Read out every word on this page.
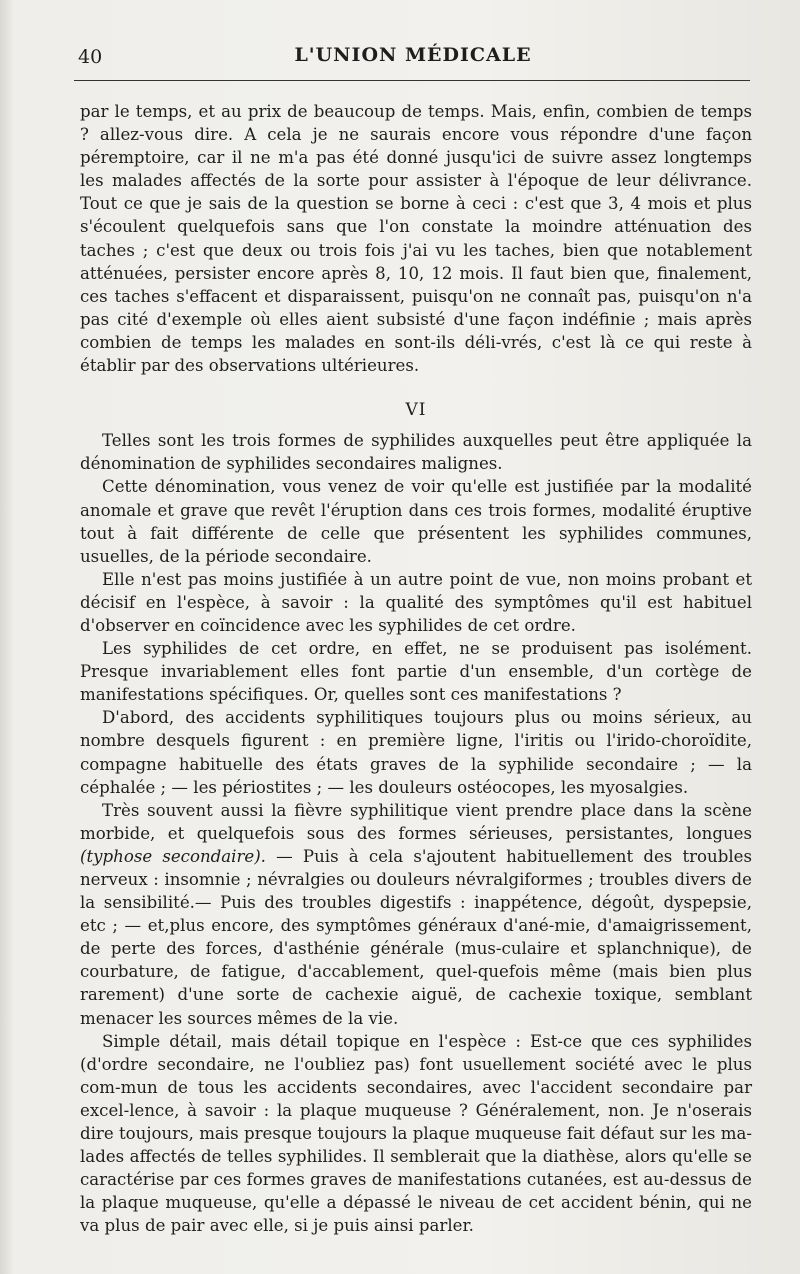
40	L'UNION MÉDICALE

par le temps, et au prix de beaucoup de temps. Mais, enfin, combien de temps ? allez-vous dire. A cela je ne saurais encore vous répondre d'une façon péremptoire, car il ne m'a pas été donné jusqu'ici de suivre assez longtemps les malades affectés de la sorte pour assister à l'époque de leur délivrance. Tout ce que je sais de la question se borne à ceci : c'est que 3, 4 mois et plus s'écoulent quelquefois sans que l'on constate la moindre atténuation des taches ; c'est que deux ou trois fois j'ai vu les taches, bien que notablement atténuées, persister encore après 8, 10, 12 mois. Il faut bien que, finalement, ces taches s'effacent et disparaissent, puisqu'on ne connaît pas, puisqu'on n'a pas cité d'exemple où elles aient subsisté d'une façon indéfinie ; mais après combien de temps les malades en sont-ils déli-vrés, c'est là ce qui reste à établir par des observations ultérieures.

VI

Telles sont les trois formes de syphilides auxquelles peut être appliquée la dénomination de syphilides secondaires malignes.

Cette dénomination, vous venez de voir qu'elle est justifiée par la modalité anomale et grave que revêt l'éruption dans ces trois formes, modalité éruptive tout à fait différente de celle que présentent les syphilides communes, usuelles, de la période secondaire.

Elle n'est pas moins justifiée à un autre point de vue, non moins probant et décisif en l'espèce, à savoir : la qualité des symptômes qu'il est habituel d'observer en coïncidence avec les syphilides de cet ordre.

Les syphilides de cet ordre, en effet, ne se produisent pas isolément. Presque invariablement elles font partie d'un ensemble, d'un cortège de manifestations spécifiques. Or, quelles sont ces manifestations ?

D'abord, des accidents syphilitiques toujours plus ou moins sérieux, au nombre desquels figurent : en première ligne, l'iritis ou l'irido-choroïdite, compagne habituelle des états graves de la syphilide secondaire ; — la céphalée ; — les périostites ; — les douleurs ostéocopes, les myosalgies.

Très souvent aussi la fièvre syphilitique vient prendre place dans la scène morbide, et quelquefois sous des formes sérieuses, persistantes, longues (typhose secondaire). — Puis à cela s'ajoutent habituellement des troubles nerveux : insomnie ; névralgies ou douleurs névralgiformes ; troubles divers de la sensibilité.— Puis des troubles digestifs : inappétence, dégoût, dyspepsie, etc ; — et,plus encore, des symptômes généraux d'ané-mie, d'amaigrissement, de perte des forces, d'asthénie générale (mus-culaire et splanchnique), de courbature, de fatigue, d'accablement, quel-quefois même (mais bien plus rarement) d'une sorte de cachexie aiguë, de cachexie toxique, semblant menacer les sources mêmes de la vie.

Simple détail, mais détail topique en l'espèce : Est-ce que ces syphilides (d'ordre secondaire, ne l'oubliez pas) font usuellement société avec le plus com-mun de tous les accidents secondaires, avec l'accident secondaire par excel-lence, à savoir : la plaque muqueuse ? Généralement, non. Je n'oserais dire toujours, mais presque toujours la plaque muqueuse fait défaut sur les ma-lades affectés de telles syphilides. Il semblerait que la diathèse, alors qu'elle se caractérise par ces formes graves de manifestations cutanées, est au-dessus de la plaque muqueuse, qu'elle a dépassé le niveau de cet accident bénin, qui ne va plus de pair avec elle, si je puis ainsi parler.
